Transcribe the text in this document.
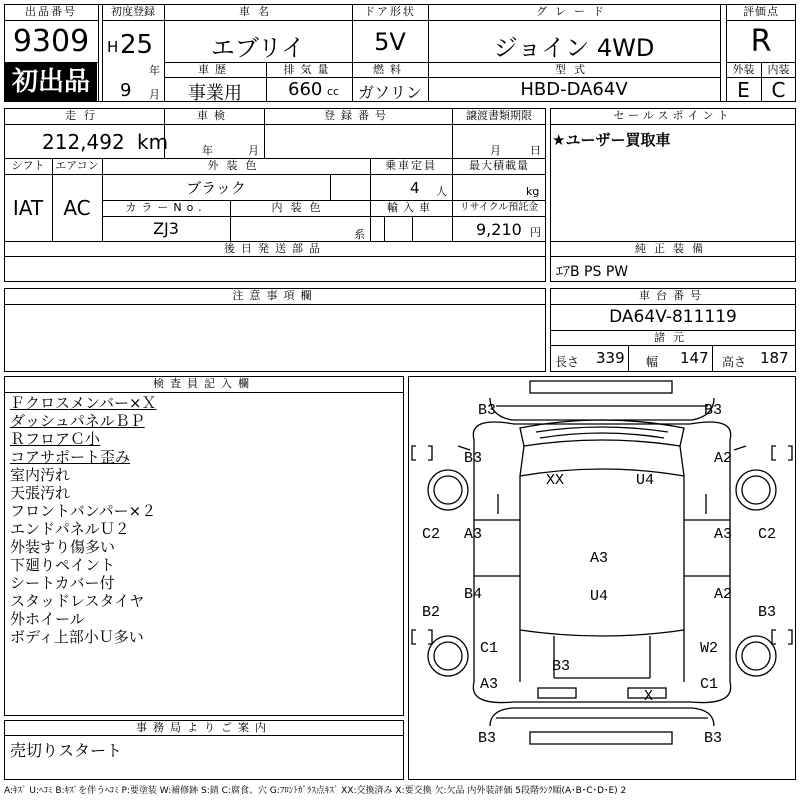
出品番号
9309
初出品
初度登録
H 25
年
9 月
車名
エブリイ
ドア形状
5V
グレード
ジョイン 4WD
評価点
R
車歴
事業用
排気量
660 cc
燃料
ガソリン
型式
HBD-DA64V
外装
E
内装
C
走行
212,492 km
車検
年	月
登録番号	譲渡書類期限
月	日
シフト
IAT
エアコン
AC
外装色
ブラック
乗車定員
4 人
最大積載量
kg
カラーNo.
ZJ3
内装色
系
輸入車	リサイクル預託金
9,210 円
後日発送部品
セールスポイント
★ユーザー買取車
純正装備
ｴｱB PS PW
注意事項欄	車台番号
DA64V-811119
諸元
長さ 339 幅 147 高さ 187
検査員記入欄
Ｆクロスメンバー×Ｘ
ダッシュパネルＢＰ
ＲフロアＣ小
コアサポート歪み
室内汚れ
天張汚れ
フロントバンパー×２
エンドパネルＵ２
外装すり傷多い
下廻りペイント
シートカバー付
スタッドレスタイヤ
外ホイール
ボディ上部小Ｕ多い
事務局よりご案内
売切りスタート
B3	B3
B3	A2
XX	U4
C2 A3	A3 C2
A3
U4
B4	A2
B2	B3
C1	W2
B3
A3	C1
X
B3	B3
A:ｷｽﾞ U:ﾍｺﾐ B:ｷｽﾞを伴うﾍｺﾐ P:要塗装 W:補修跡 S:錆 C:腐食、穴 G:ﾌﾛﾝﾄｶﾞﾗｽ点ｷｽﾞ XX:交換済み X:要交換 欠:欠品 内外装評価 5段階ﾗﾝｸ順(A･B･C･D･E) 2
